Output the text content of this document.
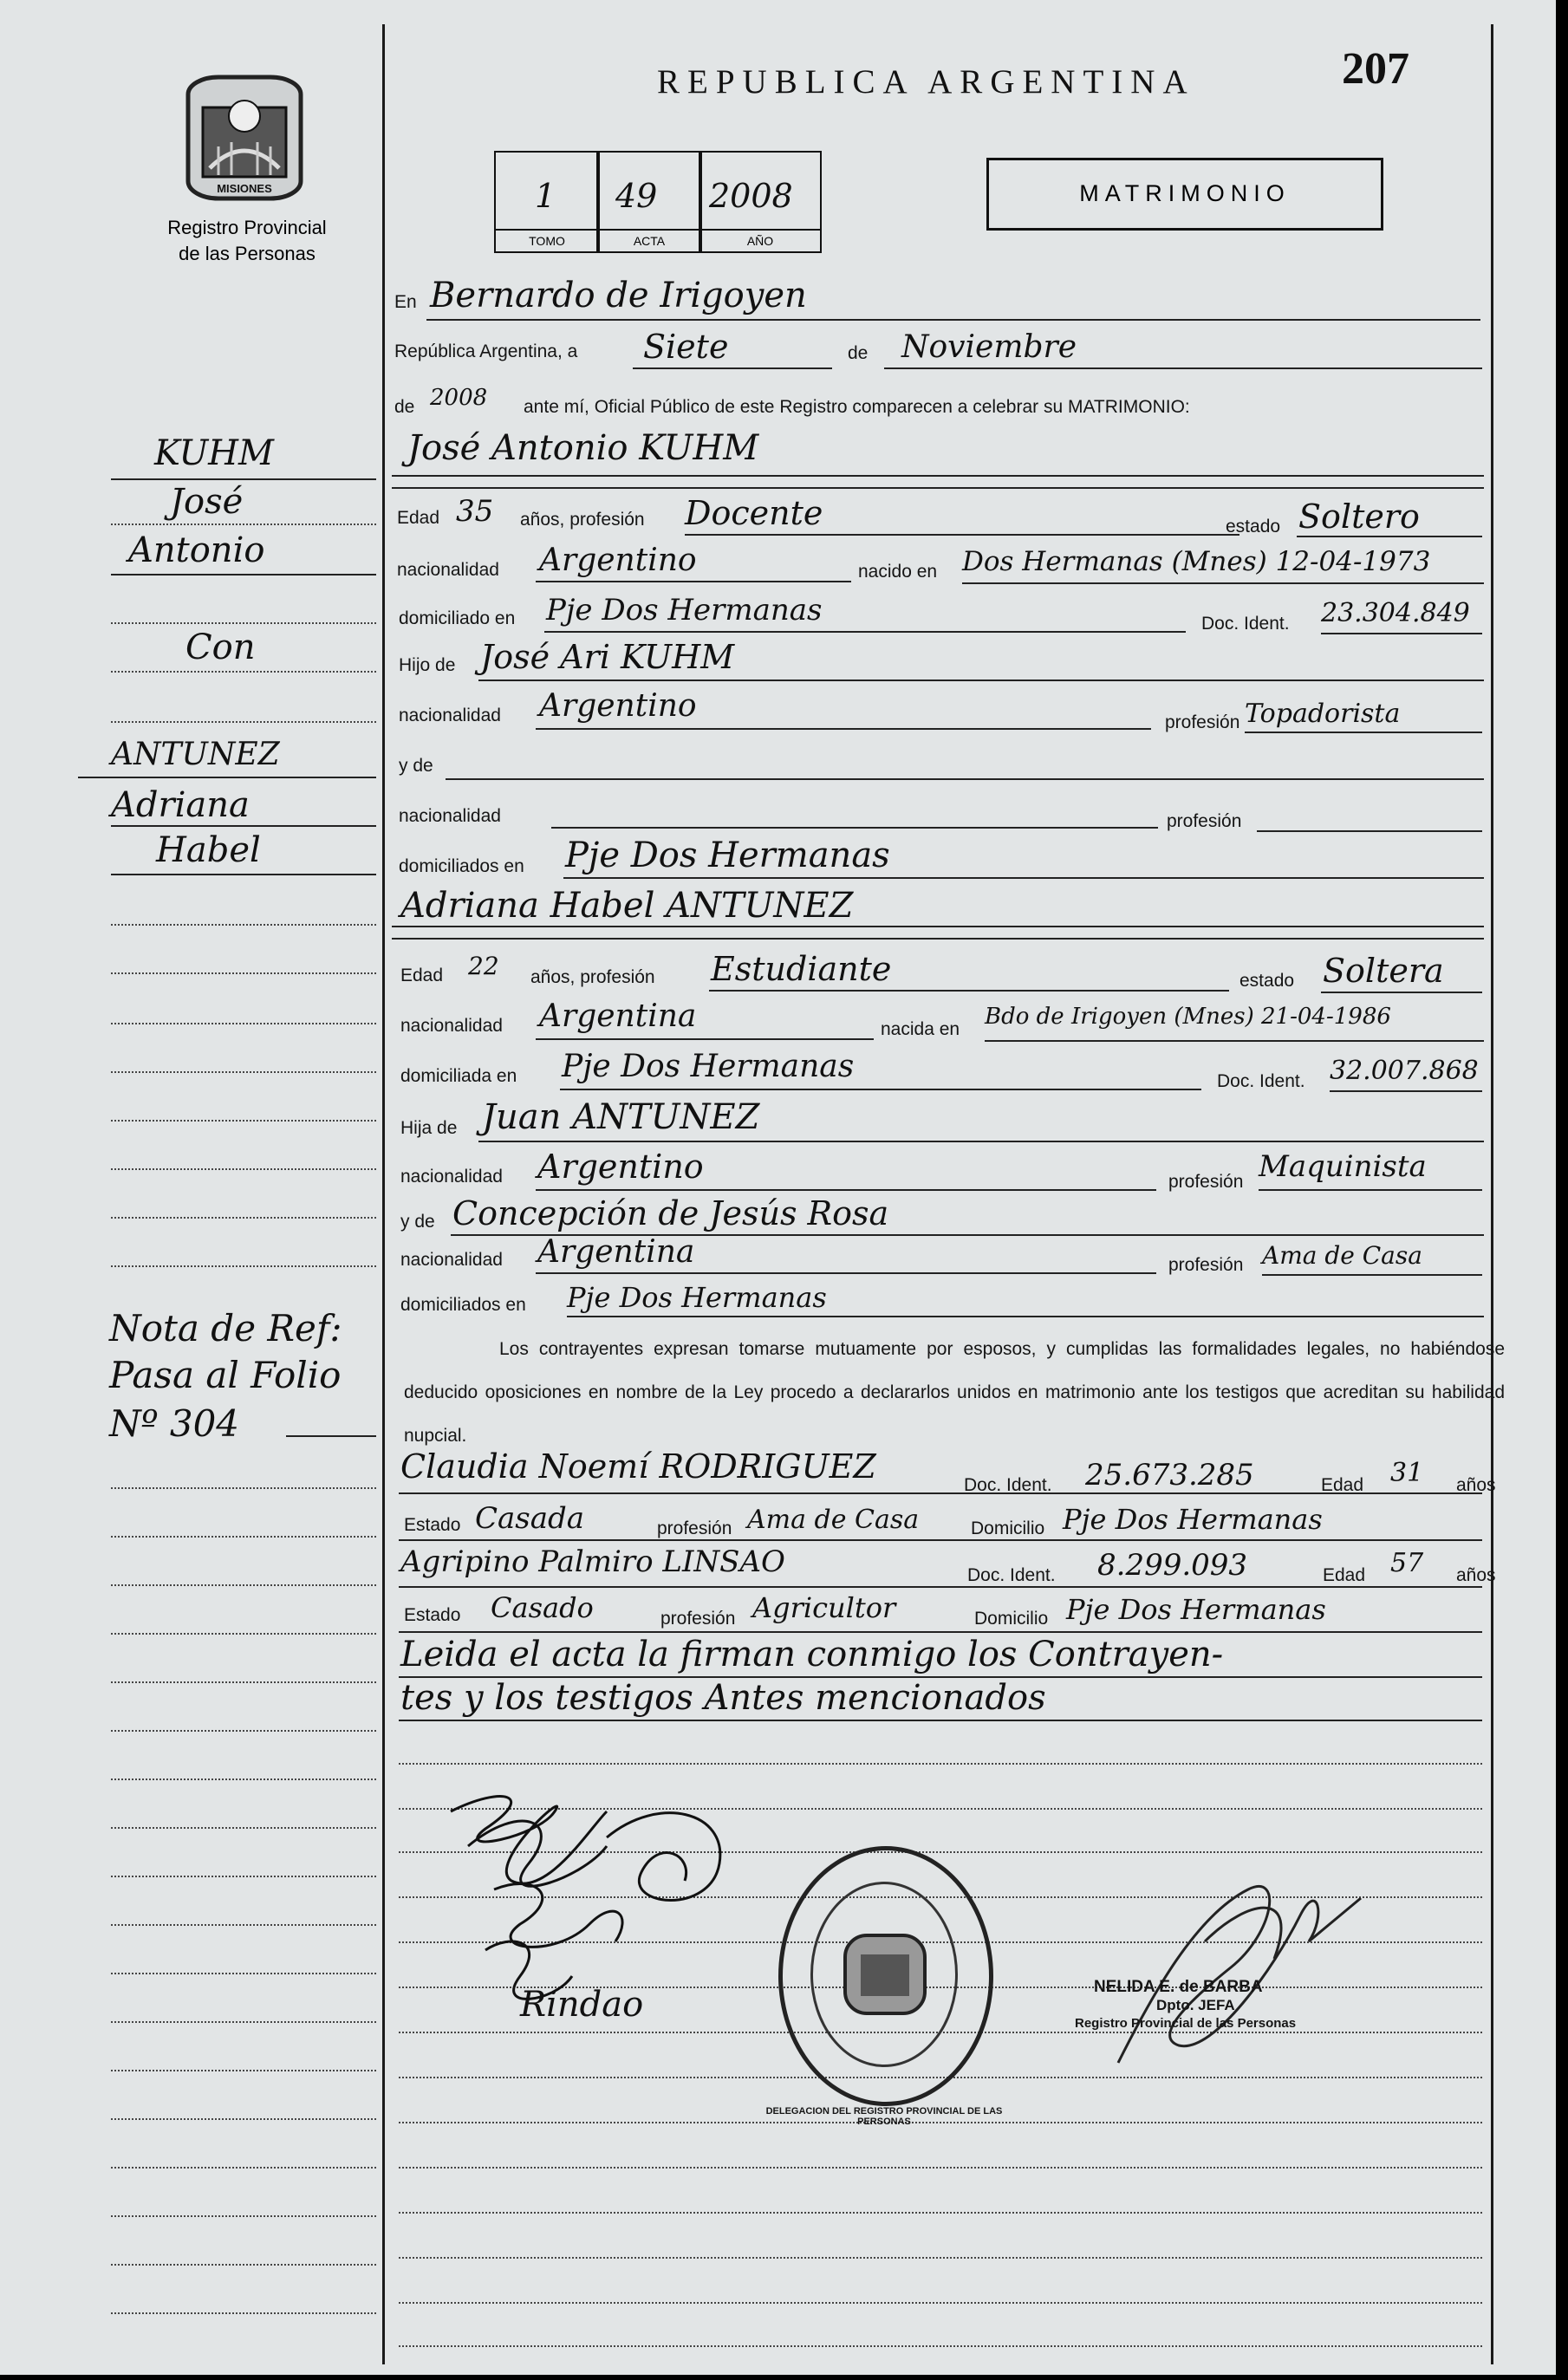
MISIONES
Registro Provincial
de las Personas
REPUBLICA ARGENTINA	207
1
TOMO
49
ACTA
2008
AÑO
MATRIMONIO
KUHM
José
Antonio
Con
ANTUNEZ
Adriana
Habel
Nota de Ref:
Pasa al Folio
Nº 304
En Bernardo de Irigoyen
República Argentina, a Siete	de Noviembre
de 2008 ante mí, Oficial Público de este Registro comparecen a celebrar su MATRIMONIO:
José Antonio KUHM
Edad 35 años, profesión Docente	estado Soltero
nacionalidad Argentino	nacido en Dos Hermanas (Mnes) 12-04-1973
domiciliado en Pje Dos Hermanas	Doc. Ident. 23.304.849
Hijo de José Ari KUHM
nacionalidad Argentino	profesión Topadorista
y de
nacionalidad	profesión
domiciliados en Pje Dos Hermanas
Adriana Habel ANTUNEZ
Edad 22 años, profesión Estudiante	estado Soltera
nacionalidad Argentina	nacida en Bdo de Irigoyen (Mnes) 21-04-1986
domiciliada en Pje Dos Hermanas	Doc. Ident. 32.007.868
Hija de Juan ANTUNEZ
nacionalidad Argentino	profesión Maquinista
y de Concepción de Jesús Rosa
nacionalidad Argentina	profesión Ama de Casa
domiciliados en Pje Dos Hermanas
Los contrayentes expresan tomarse mutuamente por esposos, y cumplidas las formalidades legales, no habiéndose deducido oposiciones en nombre de la Ley procedo a declararlos unidos en matrimonio ante los testigos que acreditan su habilidad nupcial.
Claudia Noemí RODRIGUEZ	Doc. Ident. 25.673.285	Edad 31 años
Estado Casada	profesión Ama de Casa	Domicilio Pje Dos Hermanas
Agripino Palmiro LINSAO	Doc. Ident. 8.299.093	Edad 57 años
Estado Casado	profesión Agricultor	Domicilio Pje Dos Hermanas
Leida el acta la firman conmigo los Contrayen-
tes y los testigos Antes mencionados
Rindao
DELEGACION DEL REGISTRO PROVINCIAL DE LAS PERSONAS
NELIDA E. de BARBA
Dpto. JEFA
Registro Provincial de las Personas
